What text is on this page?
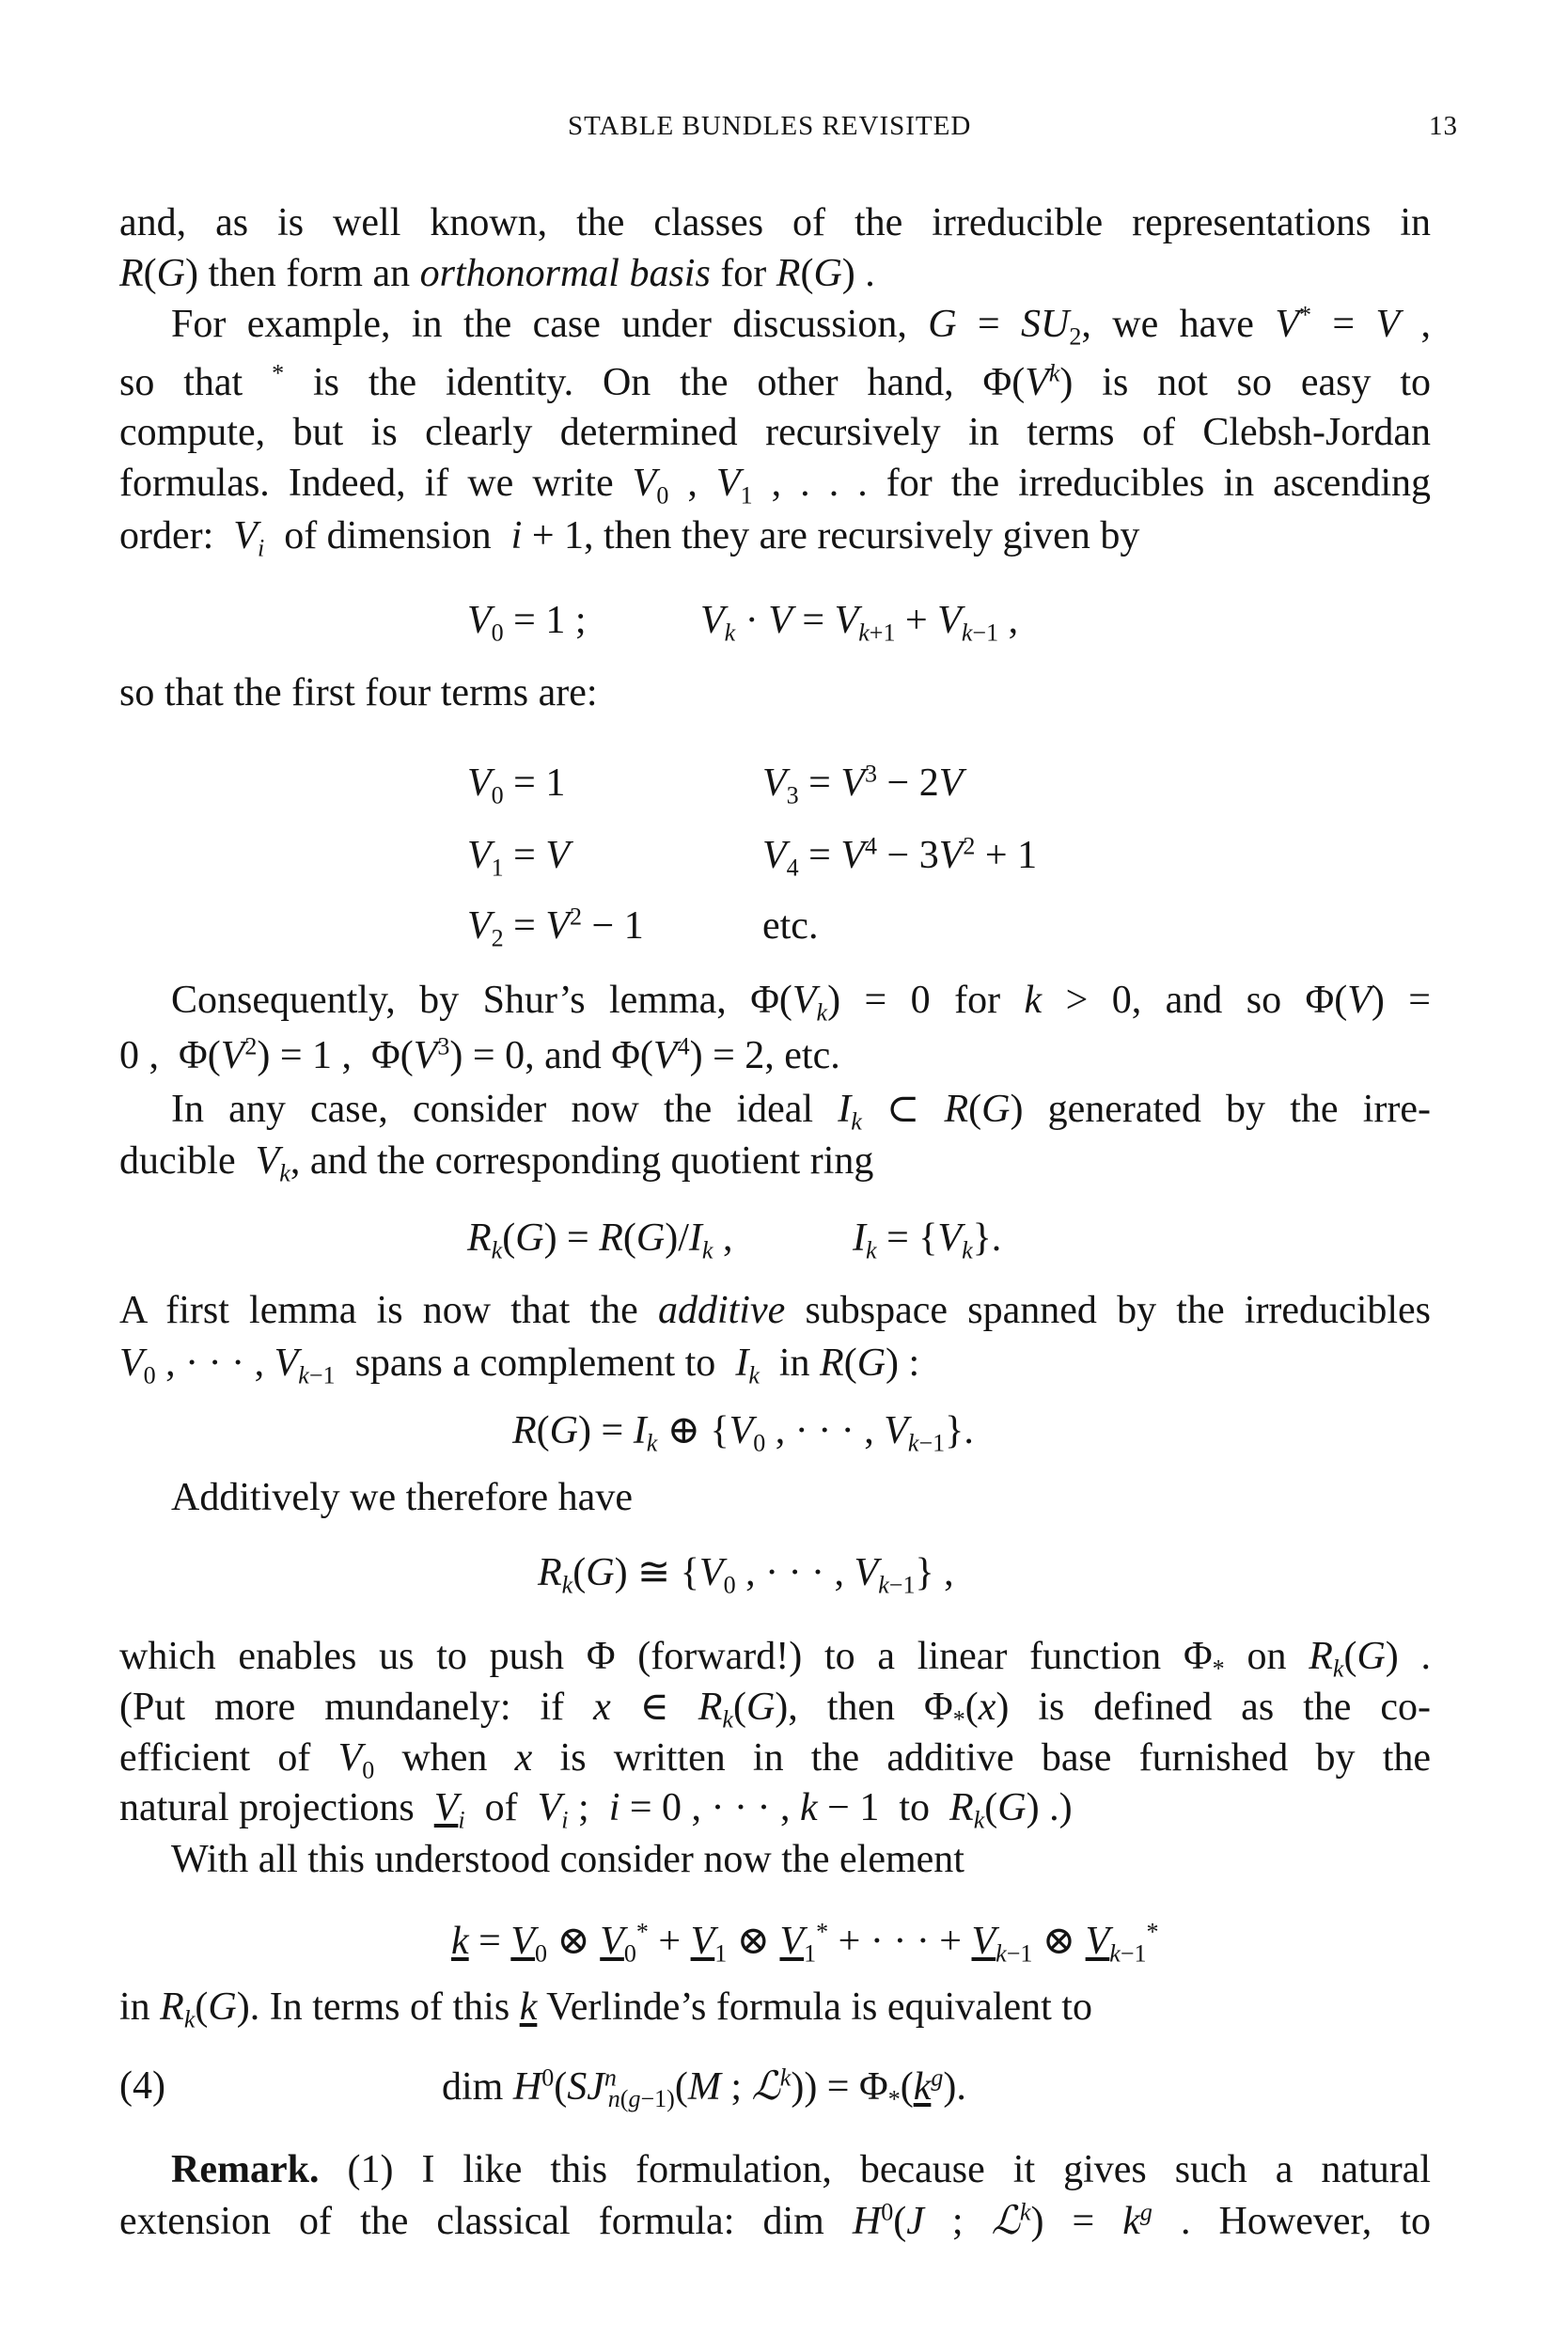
STABLE BUNDLES REVISITED	13
and, as is well known, the classes of the irreducible representations in
R(G) then form an orthonormal basis for R(G) .
For example, in the case under discussion, $G = SU_2$, we have V* = V ,
so that * is the identity. On the other hand, $\Phi(V^k)$ is not so easy to
compute, but is clearly determined recursively in terms of Clebsh-Jordan
formulas. Indeed, if we write $V_0$ , $V_1$ , . . . for the irreducibles in ascending
order: $V_i$ of dimension i + 1, then they are recursively given by
$V_0 = 1$ ;	$V_k \cdot V = V_{k+1} + V_{k-1}$ ,
so that the first four terms are:
$V_0 = 1$	$V_3 = V^3 - 2V$
$V_1 = V$	$V_4 = V^4 - 3V^2 + 1$
$V_2 = V^2 - 1$	etc.
Consequently, by Shur’s lemma, $\Phi(V_k) = 0$ for k > 0, and so Φ(V) =
0 ,  $\Phi(V^2) = 1$ ,  $\Phi(V^3) = 0$, and $\Phi(V^4) = 2$, etc.
In any case, consider now the ideal $I_k$ ⊂ R(G) generated by the irre-
ducible $V_k$, and the corresponding quotient ring
$R_k(G) = R(G)/I_k$ ,	$I_k = \{V_k\}$.
A first lemma is now that the additive subspace spanned by the irreducibles
$V_0$ , · · · , $V_{k-1}$ spans a complement to $I_k$ in R(G) :
$R(G) = I_k$ ⊕ {$V_0$ , · · · , $V_{k-1}$}.
Additively we therefore have
$R_k(G)$ ≅ {$V_0$ , · · · , $V_{k-1}$} ,
which enables us to push Φ (forward!) to a linear function $\Phi_*$ on $R_k(G)$ .
(Put more mundanely: if x ∈ $R_k(G)$, then $\Phi_*(x)$ is defined as the co-
efficient of $V_0$ when x is written in the additive base furnished by the
natural projections $V_i$ of $V_i$ ;  i = 0 , · · · , k − 1  to $R_k(G)$ .)
With all this understood consider now the element
$k = V_0$ ⊗ $V_0^* + V_1$ ⊗ $V_1^*$ + · · · + $V_{k-1}$ ⊗ $V_{k-1}^*$
in $R_k(G)$. In terms of this k Verlinde’s formula is equivalent to
(4)	dim $H^0(SJ^n_{n(g-1)}(M$ ; ℒ$^k$)) = $\Phi_*(k^g)$.
Remark. (1) I like this formulation, because it gives such a natural
extension of the classical formula: dim $H^0(J$ ; ℒ$^k$) = $k^g$ . However, to
